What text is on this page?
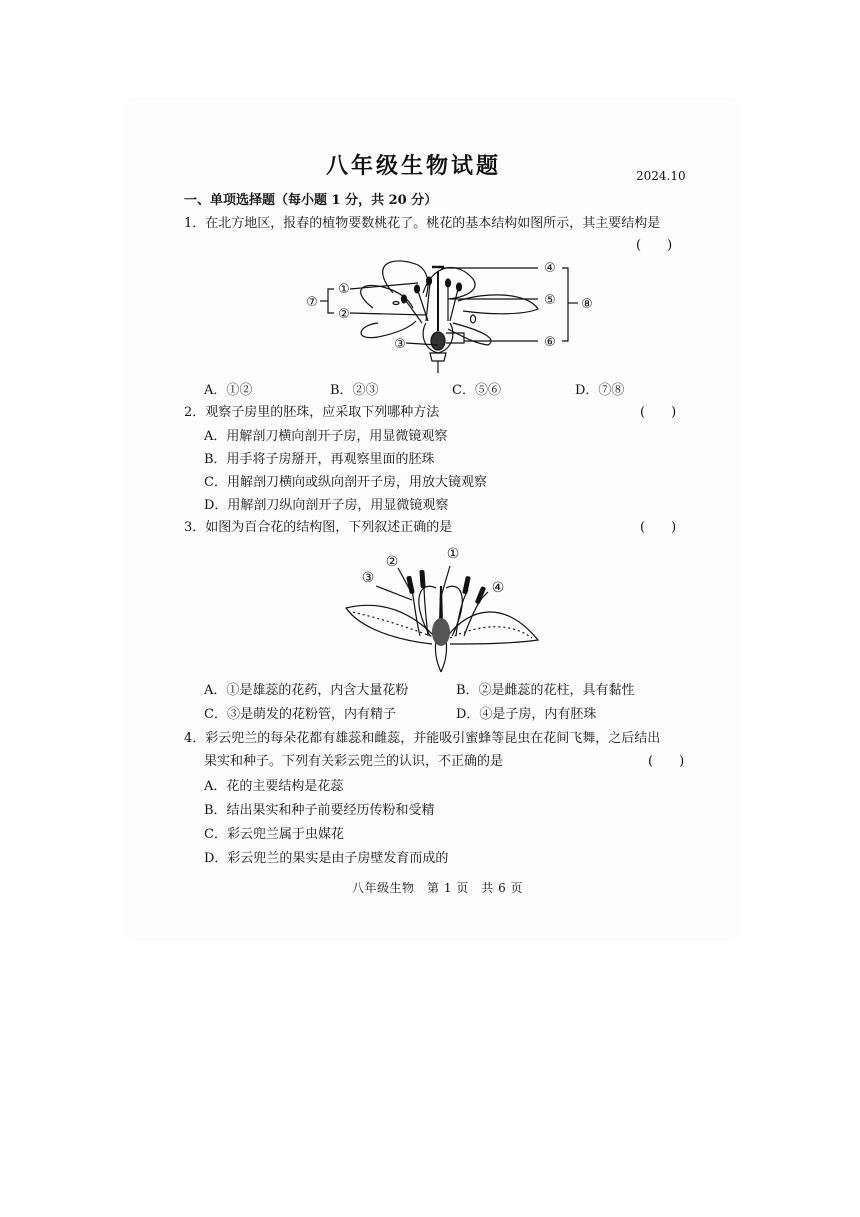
八年级生物试题	2024.10
一、单项选择题（每小题 1 分，共 20 分）
1．在北方地区，报春的植物要数桃花了。桃花的基本结构如图所示，其主要结构是
(　　)
①
②
③
④
⑤
⑥
⑦	⑧
A．①②	B．②③	C．⑤⑥	D．⑦⑧
2．观察子房里的胚珠，应采取下列哪种方法	(　　)
A．用解剖刀横向剖开子房，用显微镜观察
B．用手将子房掰开，再观察里面的胚珠
C．用解剖刀横向或纵向剖开子房，用放大镜观察
D．用解剖刀纵向剖开子房，用显微镜观察
3．如图为百合花的结构图，下列叙述正确的是	(　　)
①
②
③
④
A．①是雄蕊的花药，内含大量花粉	B．②是雌蕊的花柱，具有黏性
C．③是萌发的花粉管，内有精子	D．④是子房，内有胚珠
4．彩云兜兰的每朵花都有雄蕊和雌蕊，并能吸引蜜蜂等昆虫在花间飞舞，之后结出
果实和种子。下列有关彩云兜兰的认识，不正确的是	(　　)
A．花的主要结构是花蕊
B．结出果实和种子前要经历传粉和受精
C．彩云兜兰属于虫媒花
D．彩云兜兰的果实是由子房壁发育而成的
八年级生物　第 1 页　共 6 页
